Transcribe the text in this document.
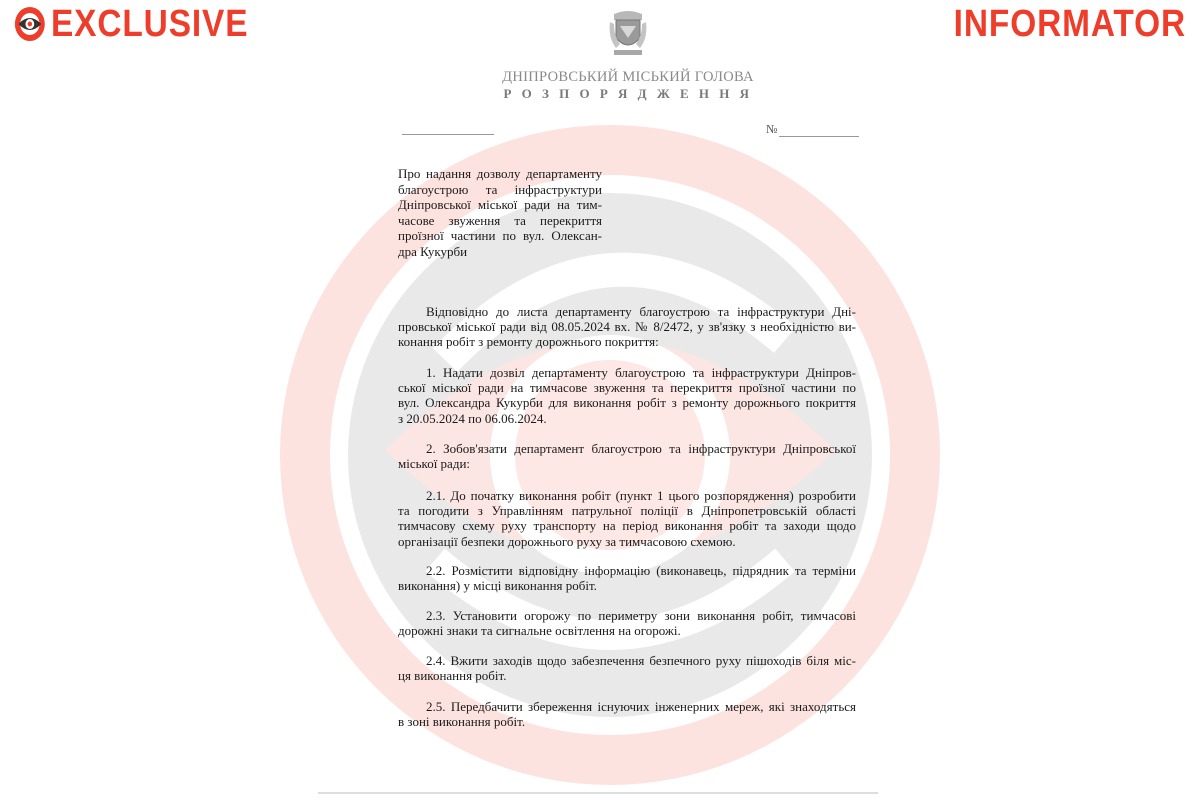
EXCLUSIVE	INFORMATOR
ДНІПРОВСЬКИЙ МІСЬКИЙ ГОЛОВА
Р О З П О Р Я Д Ж Е Н Н Я
№
Про надання дозволу департаменту
благоустрою та інфраструктури
Дніпровської міської ради на тим-
часове звуження та перекриття
проїзної частини по вул. Олексан-
дра Кукурби
Відповідно до листа департаменту благоустрою та інфраструктури Дні-
провської міської ради від 08.05.2024 вх. № 8/2472, у зв'язку з необхідністю ви-
конання робіт з ремонту дорожнього покриття:
1. Надати дозвіл департаменту благоустрою та інфраструктури Дніпров-
ської міської ради на тимчасове звуження та перекриття проїзної частини по
вул. Олександра Кукурби для виконання робіт з ремонту дорожнього покриття
з 20.05.2024 по 06.06.2024.
2. Зобов'язати департамент благоустрою та інфраструктури Дніпровської
міської ради:
2.1. До початку виконання робіт (пункт 1 цього розпорядження) розробити
та погодити з Управлінням патрульної поліції в Дніпропетровській області
тимчасову схему руху транспорту на період виконання робіт та заходи щодо
організації безпеки дорожнього руху за тимчасовою схемою.
2.2. Розмістити відповідну інформацію (виконавець, підрядник та терміни
виконання) у місці виконання робіт.
2.3. Установити огорожу по периметру зони виконання робіт, тимчасові
дорожні знаки та сигнальне освітлення на огорожі.
2.4. Вжити заходів щодо забезпечення безпечного руху пішоходів біля міс-
ця виконання робіт.
2.5. Передбачити збереження існуючих інженерних мереж, які знаходяться
в зоні виконання робіт.
